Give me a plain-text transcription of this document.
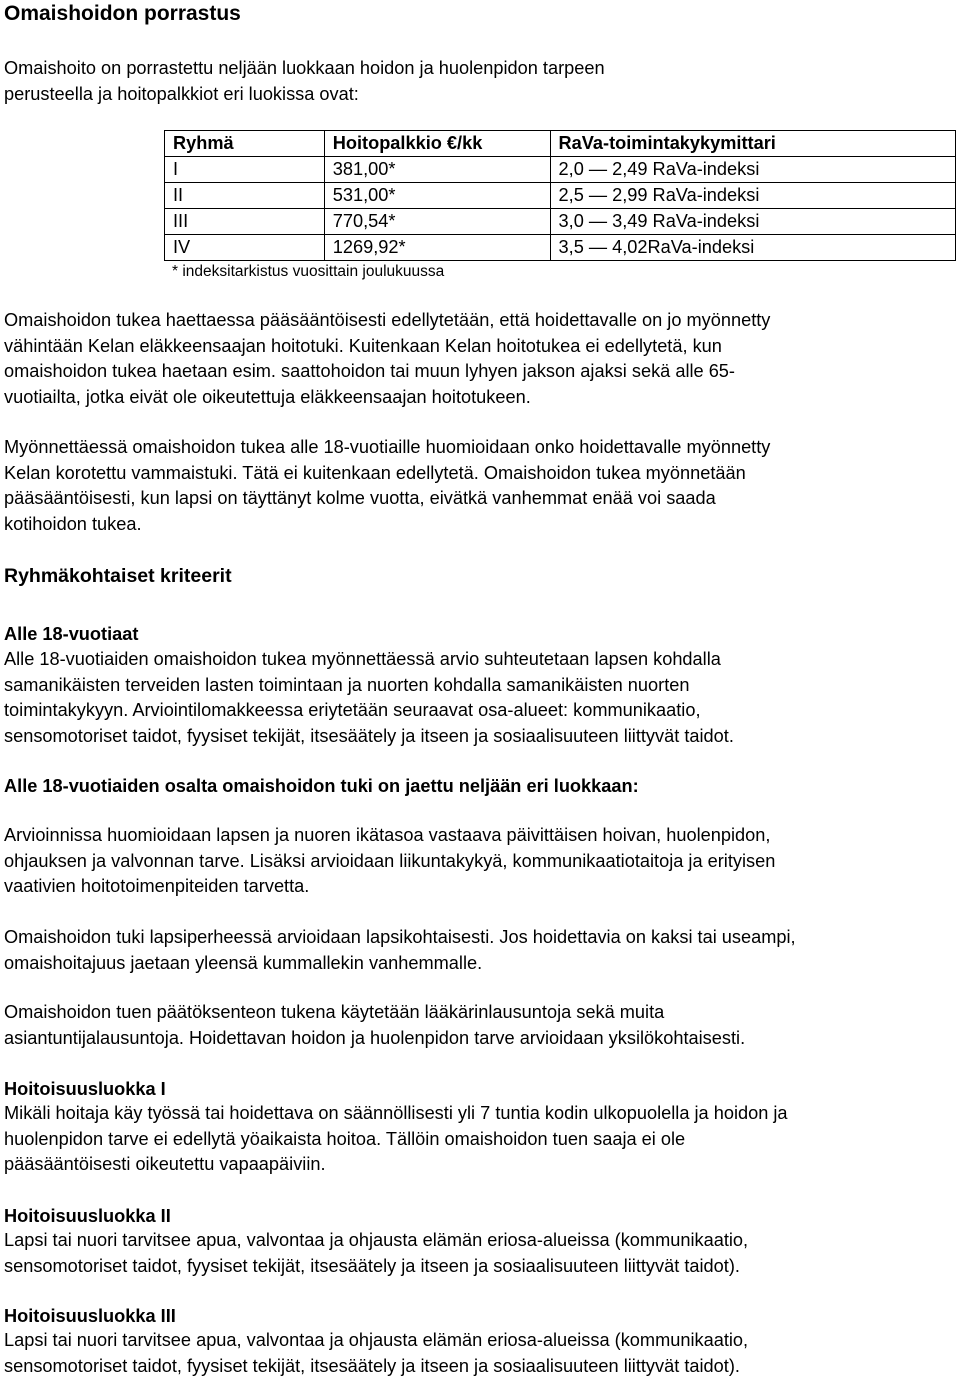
Omaishoidon porrastus

Omaishoito on porrastettu neljään luokkaan hoidon ja huolenpidon tarpeen
perusteella ja hoitopalkkiot eri luokissa ovat:

Ryhmä	Hoitopalkkio €/kk	RaVa-toimintakykymittari
I	381,00*	2,0 — 2,49 RaVa-indeksi
II	531,00*	2,5 — 2,99 RaVa-indeksi
III	770,54*	3,0 — 3,49 RaVa-indeksi
IV	1269,92*	3,5 — 4,02RaVa-indeksi

* indeksitarkistus vuosittain joulukuussa

Omaishoidon tukea haettaessa pääsääntöisesti edellytetään, että hoidettavalle on jo myönnetty
vähintään Kelan eläkkeensaajan hoitotuki. Kuitenkaan Kelan hoitotukea ei edellytetä, kun
omaishoidon tukea haetaan esim. saattohoidon tai muun lyhyen jakson ajaksi sekä alle 65-
vuotiailta, jotka eivät ole oikeutettuja eläkkeensaajan hoitotukeen.

Myönnettäessä omaishoidon tukea alle 18-vuotiaille huomioidaan onko hoidettavalle myönnetty
Kelan korotettu vammaistuki. Tätä ei kuitenkaan edellytetä. Omaishoidon tukea myönnetään
pääsääntöisesti, kun lapsi on täyttänyt kolme vuotta, eivätkä vanhemmat enää voi saada
kotihoidon tukea.

Ryhmäkohtaiset kriteerit
Alle 18-vuotiaat

Alle 18-vuotiaiden omaishoidon tukea myönnettäessä arvio suhteutetaan lapsen kohdalla
samanikäisten terveiden lasten toimintaan ja nuorten kohdalla samanikäisten nuorten
toimintakykyyn. Arviointilomakkeessa eriytetään seuraavat osa-alueet: kommunikaatio,
sensomotoriset taidot, fyysiset tekijät, itsesäätely ja itseen ja sosiaalisuuteen liittyvät taidot.

Alle 18-vuotiaiden osalta omaishoidon tuki on jaettu neljään eri luokkaan:

Arvioinnissa huomioidaan lapsen ja nuoren ikätasoa vastaava päivittäisen hoivan, huolenpidon,
ohjauksen ja valvonnan tarve. Lisäksi arvioidaan liikuntakykyä, kommunikaatiotaitoja ja erityisen
vaativien hoitotoimenpiteiden tarvetta.

Omaishoidon tuki lapsiperheessä arvioidaan lapsikohtaisesti. Jos hoidettavia on kaksi tai useampi,
omaishoitajuus jaetaan yleensä kummallekin vanhemmalle.

Omaishoidon tuen päätöksenteon tukena käytetään lääkärinlausuntoja sekä muita
asiantuntijalausuntoja. Hoidettavan hoidon ja huolenpidon tarve arvioidaan yksilökohtaisesti.

Hoitoisuusluokka I

Mikäli hoitaja käy työssä tai hoidettava on säännöllisesti yli 7 tuntia kodin ulkopuolella ja hoidon ja
huolenpidon tarve ei edellytä yöaikaista hoitoa. Tällöin omaishoidon tuen saaja ei ole
pääsääntöisesti oikeutettu vapaapäiviin.

Hoitoisuusluokka II

Lapsi tai nuori tarvitsee apua, valvontaa ja ohjausta elämän eriosa-alueissa (kommunikaatio,
sensomotoriset taidot, fyysiset tekijät, itsesäätely ja itseen ja sosiaalisuuteen liittyvät taidot).

Hoitoisuusluokka III

Lapsi tai nuori tarvitsee apua, valvontaa ja ohjausta elämän eriosa-alueissa (kommunikaatio,
sensomotoriset taidot, fyysiset tekijät, itsesäätely ja itseen ja sosiaalisuuteen liittyvät taidot).
